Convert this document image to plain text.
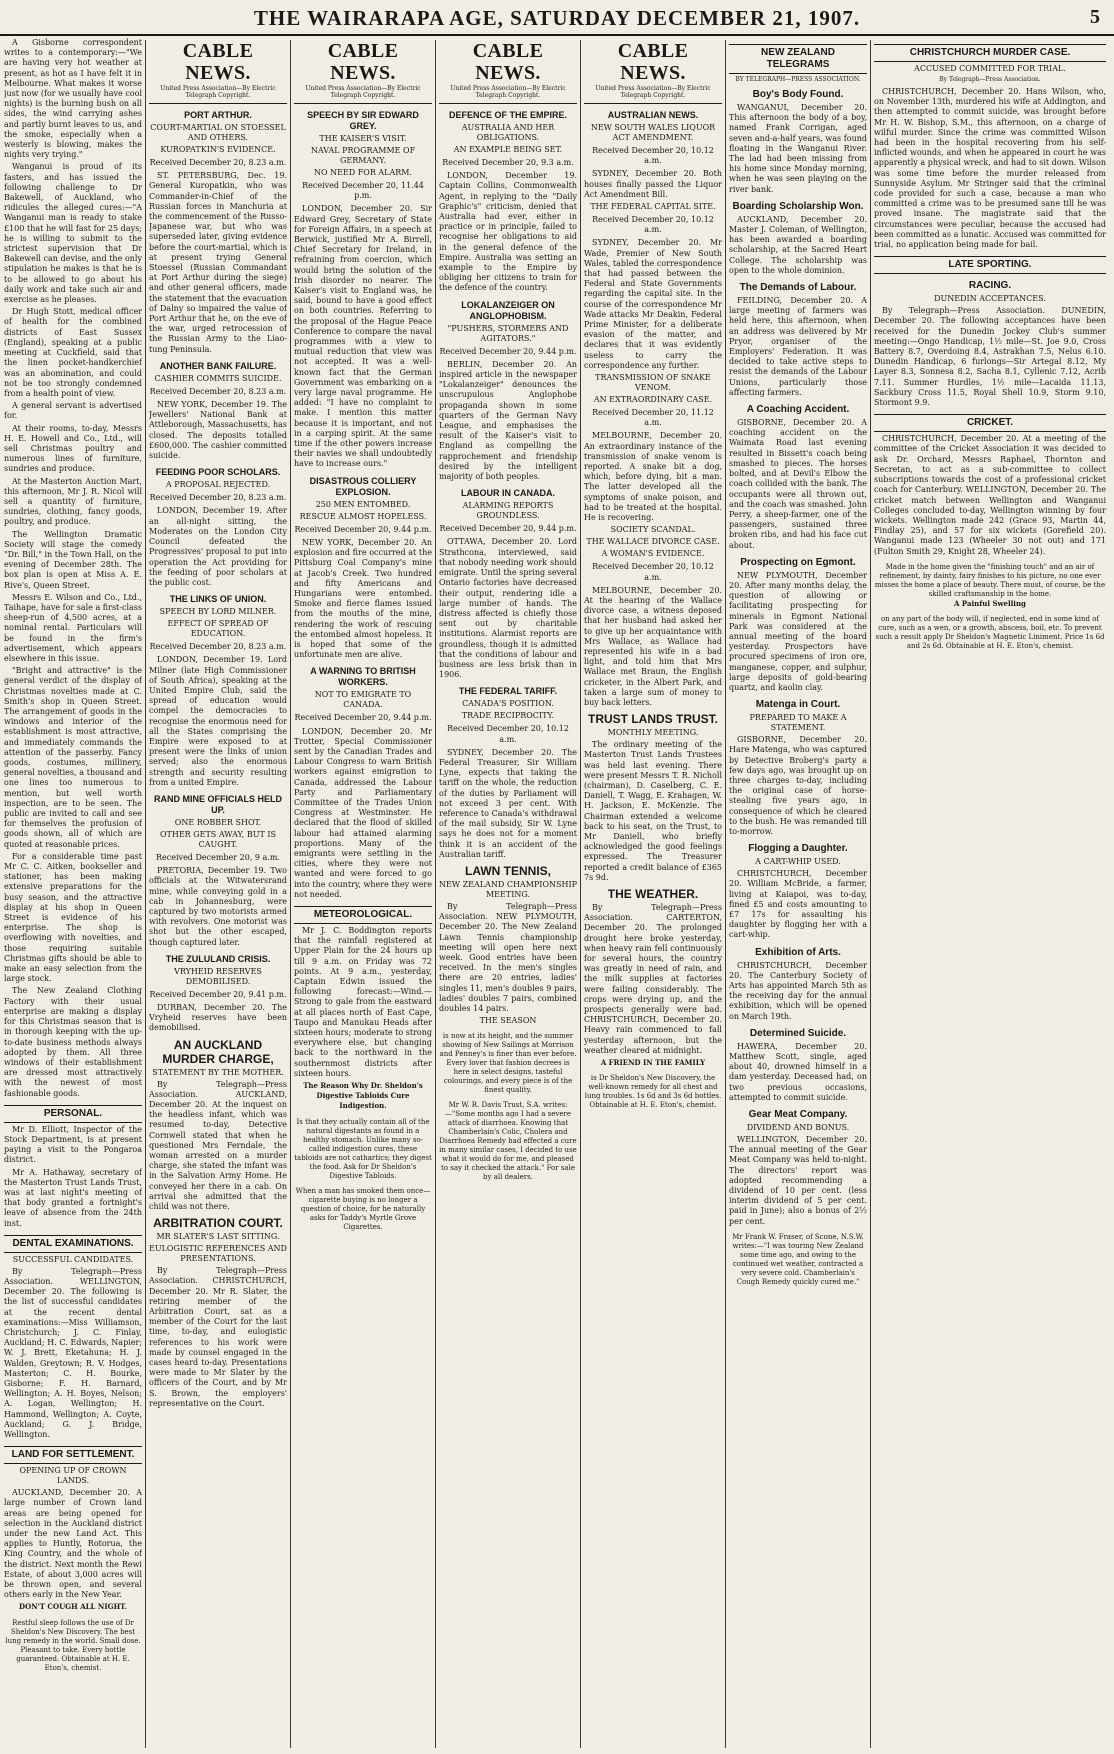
THE WAIRARAPA AGE, SATURDAY DECEMBER 21, 1907.	5

A Gisborne correspondent writes to a contemporary:—"We are having very hot weather at present, as hot as I have felt it in Melbourne. What makes it worse just now (for we usually have cool nights) is the burning bush on all sides, the wind carrying ashes and partly burnt leaves to us, and the smoke, especially when a westerly is blowing, makes the nights very trying."

Wanganui is proud of its fasters, and has issued the following challenge to Dr Bakewell, of Auckland, who ridicules the alleged cures:—"A Wanganui man is ready to stake £100 that he will fast for 25 days; he is willing to submit to the strictest supervision that Dr Bakewell can devise, and the only stipulation he makes is that he is to be allowed to go about his daily work and take such air and exercise as he pleases.

Dr Hugh Stott, medical officer of health for the combined districts of East Sussex (England), speaking at a public meeting at Cuckfield, said that the linen pocket-handkerchief was an abomination, and could not be too strongly condemned from a health point of view.

A general servant is advertised for.

At their rooms, to-day, Messrs H. E. Howell and Co., Ltd., will sell Christmas poultry and numerous lines of furniture, sundries and produce.

At the Masterton Auction Mart, this afternoon, Mr J. R. Nicol will sell a quantity of furniture, sundries, clothing, fancy goods, poultry, and produce.

The Wellington Dramatic Society will stage the comedy "Dr. Bill," in the Town Hall, on the evening of December 28th. The box plan is open at Miss A. E. Rive's, Queen Street.

Messrs E. Wilson and Co., Ltd., Taihape, have for sale a first-class sheep-run of 4,500 acres, at a nominal rental. Particulars will be found in the firm's advertisement, which appears elsewhere in this issue.

"Bright and attractive" is the general verdict of the display of Christmas novelties made at C. Smith's shop in Queen Street. The arrangement of goods in the windows and interior of the establishment is most attractive, and immediately commands the attention of the passerby. Fancy goods, costumes, millinery, general novelties, a thousand and one lines too numerous to mention, but well worth inspection, are to be seen. The public are invited to call and see for themselves the profusion of goods shown, all of which are quoted at reasonable prices.

For a considerable time past Mr C. C. Aitken, bookseller and stationer, has been making extensive preparations for the busy season, and the attractive display at his shop in Queen Street is evidence of his enterprise. The shop is overflowing with novelties, and those requiring suitable Christmas gifts should be able to make an easy selection from the large stock.

The New Zealand Clothing Factory with their usual enterprise are making a display for this Christmas season that is in thorough keeping with the up-to-date business methods always adopted by them. All three windows of their establishment are dressed most attractively with the newest of most fashionable goods.

PERSONAL.

Mr D. Elliott, Inspector of the Stock Department, is at present paying a visit to the Pongaroa district.

Mr A. Hathaway, secretary of the Masterton Trust Lands Trust, was at last night's meeting of that body granted a fortnight's leave of absence from the 24th inst.

DENTAL EXAMINATIONS.
SUCCESSFUL CANDIDATES.

By Telegraph—Press Association. WELLINGTON, December 20. The following is the list of successful candidates at the recent dental examinations:—Miss Williamson, Christchurch; J. C. Finlay, Auckland; H. C. Edwards, Napier; W. J. Brett, Eketahuna; H. J. Walden, Greytown; R. V. Hodges, Masterton; C. H. Bourke, Gisborne; F. H. Barnard, Wellington; A. H. Boyes, Nelson; A. Logan, Wellington; H. Hammond, Wellington; A. Coyte, Auckland; G. J. Bridge, Wellington.

LAND FOR SETTLEMENT.
OPENING UP OF CROWN LANDS.

AUCKLAND, December 20. A large number of Crown land areas are being opened for selection in the Auckland district under the new Land Act. This applies to Huntly, Rotorua, the King Country, and the whole of the district. Next month the Rewi Estate, of about 3,000 acres will be thrown open, and several others early in the New Year.

DON'T COUGH ALL NIGHT.
Restful sleep follows the use of Dr Sheldon's New Discovery. The best lung remedy in the world. Small dose. Pleasant to take. Every bottle guaranteed. Obtainable at H. E. Eton's, chemist.
CABLE NEWS.
United Press Association—By Electric Telegraph Copyright.
PORT ARTHUR.
COURT-MARTIAL ON STOESSEL AND OTHERS.
KUROPATKIN'S EVIDENCE.
Received December 20, 8.23 a.m.

ST. PETERSBURG, Dec. 19. General Kuropatkin, who was Commander-in-Chief of the Russian forces in Manchuria at the commencement of the Russo-Japanese war, but who was superseded later, giving evidence before the court-martial, which is at present trying General Stoessel (Russian Commandant at Port Arthur during the siege) and other general officers, made the statement that the evacuation of Dalny so impaired the value of Port Arthur that he, on the eve of the war, urged retrocession of the Russian Army to the Liao-tung Peninsula.

ANOTHER BANK FAILURE.
CASHIER COMMITS SUICIDE.
Received December 20, 8.23 a.m.

NEW YORK, December 19. The Jewellers' National Bank at Attleborough, Massachusetts, has closed. The deposits totalled £600,000. The cashier committed suicide.

FEEDING POOR SCHOLARS.
A PROPOSAL REJECTED.
Received December 20, 8.23 a.m.

LONDON, December 19. After an all-night sitting, the Moderates on the London City Council defeated the Progressives' proposal to put into operation the Act providing for the feeding of poor scholars at the public cost.

THE LINKS OF UNION.
SPEECH BY LORD MILNER.
EFFECT OF SPREAD OF EDUCATION.
Received December 20, 8.23 a.m.

LONDON, December 19. Lord Milner (late High Commissioner of South Africa), speaking at the United Empire Club, said the spread of education would compel the democracies to recognise the enormous need for all the States comprising the Empire were exposed to at present were the links of union served; also the enormous strength and security resulting from a united Empire.

RAND MINE OFFICIALS HELD UP.
ONE ROBBER SHOT.
OTHER GETS AWAY, BUT IS CAUGHT.
Received December 20, 9 a.m.

PRETORIA, December 19. Two officials at the Witwatersrand mine, while conveying gold in a cab in Johannesburg, were captured by two motorists armed with revolvers. One motorist was shot but the other escaped, though captured later.

THE ZULULAND CRISIS.
VRYHEID RESERVES DEMOBILISED.
Received December 20, 9.41 p.m.

DURBAN, December 20. The Vryheid reserves have been demobilised.

AN AUCKLAND MURDER CHARGE,
STATEMENT BY THE MOTHER.

By Telegraph—Press Association. AUCKLAND, December 20. At the inquest on the headless infant, which was resumed to-day, Detective Cornwell stated that when he questioned Mrs Ferndale, the woman arrested on a murder charge, she stated the infant was in the Salvation Army Home. He conveyed her there in a cab. On arrival she admitted that the child was not there.

ARBITRATION COURT.
MR SLATER'S LAST SITTING.
EULOGISTIC REFERENCES AND PRESENTATIONS.

By Telegraph—Press Association. CHRISTCHURCH, December 20. Mr R. Slater, the retiring member of the Arbitration Court, sat as a member of the Court for the last time, to-day, and eulogistic references to his work were made by counsel engaged in the cases heard to-day. Presentations were made to Mr Slater by the officers of the Court, and by Mr S. Brown, the employers' representative on the Court.

CABLE NEWS.
United Press Association—By Electric Telegraph Copyright.
SPEECH BY SIR EDWARD GREY.
THE KAISER'S VISIT.
NAVAL PROGRAMME OF GERMANY.
NO NEED FOR ALARM.
Received December 20, 11.44 p.m.

LONDON, December 20. Sir Edward Grey, Secretary of State for Foreign Affairs, in a speech at Berwick, justified Mr A. Birrell, Chief Secretary for Ireland, in refraining from coercion, which would bring the solution of the Irish disorder no nearer. The Kaiser's visit to England was, he said, bound to have a good effect on both countries. Referring to the proposal of the Hague Peace Conference to compare the naval programmes with a view to mutual reduction that view was not accepted. It was a well-known fact that the German Government was embarking on a very large naval programme. He added: "I have no complaint to make. I mention this matter because it is important, and not in a carping spirit. At the same time if the other powers increase their navies we shall undoubtedly have to increase ours."

DISASTROUS COLLIERY EXPLOSION.
250 MEN ENTOMBED.
RESCUE ALMOST HOPELESS.
Received December 20, 9.44 p.m.

NEW YORK, December 20. An explosion and fire occurred at the Pittsburg Coal Company's mine at Jacob's Creek. Two hundred and fifty Americans and Hungarians were entombed. Smoke and fierce flames issued from the mouths of the mine, rendering the work of rescuing the entombed almost hopeless. It is hoped that some of the unfortunate men are alive.

A WARNING TO BRITISH WORKERS.
NOT TO EMIGRATE TO CANADA.
Received December 20, 9.44 p.m.

LONDON, December 20. Mr Trotter, Special Commissioner sent by the Canadian Trades and Labour Congress to warn British workers against emigration to Canada, addressed the Labour Party and Parliamentary Committee of the Trades Union Congress at Westminster. He declared that the flood of skilled labour had attained alarming proportions. Many of the emigrants were settling in the cities, where they were not wanted and were forced to go into the country, where they were not needed.

METEOROLOGICAL.

Mr J. C. Boddington reports that the rainfall registered at Upper Plain for the 24 hours up till 9 a.m. on Friday was 72 points. At 9 a.m., yesterday, Captain Edwin issued the following forecast:—Wind.—Strong to gale from the eastward at all places north of East Cape, Taupo and Manukau Heads after sixteen hours; moderate to strong everywhere else, but changing back to the northward in the southernmost districts after sixteen hours.

The Reason Why Dr. Sheldon's Digestive Tabloids Cure Indigestion.
Is that they actually contain all of the natural digestants as found in a healthy stomach. Unlike many so-called indigestion cures, these tabloids are not cathartics; they digest the food. Ask for Dr Sheldon's Digestive Tabloids.
When a man has smoked them once—cigarette buying is no longer a question of choice, for he naturally asks for Taddy's Myrtle Grove Cigarettes.
CABLE NEWS.
United Press Association—By Electric Telegraph Copyright.
DEFENCE OF THE EMPIRE.
AUSTRALIA AND HER OBLIGATIONS.
AN EXAMPLE BEING SET.
Received December 20, 9.3 a.m.

LONDON, December 19. Captain Collins, Commonwealth Agent, in replying to the "Daily Graphic's" criticism, denied that Australia had ever, either in practice or in principle, failed to recognise her obligations to aid in the general defence of the Empire. Australia was setting an example to the Empire by obliging her citizens to train for the defence of the country.

LOKALANZEIGER ON ANGLOPHOBISM.
"PUSHERS, STORMERS AND AGITATORS."
Received December 20, 9.44 p.m.

BERLIN, December 20. An inspired article in the newspaper "Lokalanzeiger" denounces the unscrupulous Anglophobe propaganda shown in some quarters of the German Navy League, and emphasises the result of the Kaiser's visit to England as compelling the rapprochement and friendship desired by the intelligent majority of both peoples.

LABOUR IN CANADA.
ALARMING REPORTS GROUNDLESS.
Received December 20, 9.44 p.m.

OTTAWA, December 20. Lord Strathcona, interviewed, said that nobody needing work should emigrate. Until the spring several Ontario factories have decreased their output, rendering idle a large number of hands. The distress affected is chiefly those sent out by charitable institutions. Alarmist reports are groundless, though it is admitted that the conditions of labour and business are less brisk than in 1906.

THE FEDERAL TARIFF.
CANADA'S POSITION.
TRADE RECIPROCITY.
Received December 20, 10.12 a.m.

SYDNEY, December 20. The Federal Treasurer, Sir William Lyne, expects that taking the tariff on the whole, the reduction of the duties by Parliament will not exceed 3 per cent. With reference to Canada's withdrawal of the mail subsidy, Sir W. Lyne says he does not for a moment think it is an accident of the Australian tariff.

LAWN TENNIS,
NEW ZEALAND CHAMPIONSHIP MEETING.

By Telegraph—Press Association. NEW PLYMOUTH, December 20. The New Zealand Lawn Tennis championship meeting will open here next week. Good entries have been received. In the men's singles there are 20 entries, ladies' singles 11, men's doubles 9 pairs, ladies' doubles 7 pairs, combined doubles 14 pairs.

THE SEASON
is now at its height, and the summer showing of New Sailings at Morrison and Penney's is finer than ever before. Every lover that fashion decrees is here in select designs, tasteful colourings, and every piece is of the finest quality.
Mr W. R. Davis Trust, S.A. writes:—"Some months ago I had a severe attack of diarrhoea. Knowing that Chamberlain's Colic, Cholera and Diarrhoea Remedy had effected a cure in many similar cases, I decided to use what it would do for me, and pleased to say it checked the attack." For sale by all dealers.
CABLE NEWS.
United Press Association—By Electric Telegraph Copyright.
AUSTRALIAN NEWS.
NEW SOUTH WALES LIQUOR ACT AMENDMENT.
Received December 20, 10.12 a.m.

SYDNEY, December 20. Both houses finally passed the Liquor Act Amendment Bill.

THE FEDERAL CAPITAL SITE.
Received December 20, 10.12 a.m.

SYDNEY, December 20. Mr Wade, Premier of New South Wales, tabled the correspondence that had passed between the Federal and State Governments regarding the capital site. In the course of the correspondence Mr Wade attacks Mr Deakin, Federal Prime Minister, for a deliberate evasion of the matter, and declares that it was evidently useless to carry the correspondence any further.

TRANSMISSION OF SNAKE VENOM.
AN EXTRAORDINARY CASE.
Received December 20, 11.12 a.m.

MELBOURNE, December 20. An extraordinary instance of the transmission of snake venom is reported. A snake bit a dog, which, before dying, bit a man. The latter developed all the symptoms of snake poison, and had to be treated at the hospital. He is recovering.

SOCIETY SCANDAL.
THE WALLACE DIVORCE CASE.
A WOMAN'S EVIDENCE.
Received December 20, 10.12 a.m.

MELBOURNE, December 20. At the hearing of the Wallace divorce case, a witness deposed that her husband had asked her to give up her acquaintance with Mrs Wallace, as Wallace had represented his wife in a bad light, and told him that Mrs Wallace met Braun, the English cricketer, in the Albert Park, and taken a large sum of money to buy back letters.

TRUST LANDS TRUST.
MONTHLY MEETING.

The ordinary meeting of the Masterton Trust Lands Trustees was held last evening. There were present Messrs T. R. Nicholl (chairman), D. Caselberg, C. E. Daniell, T. Wagg, E. Krahagen, W. H. Jackson, E. McKenzie. The Chairman extended a welcome back to his seat, on the Trust, to Mr Daniell, who briefly acknowledged the good feelings expressed. The Treasurer reported a credit balance of £365 7s 9d.

THE WEATHER.

By Telegraph—Press Association. CARTERTON, December 20. The prolonged drought here broke yesterday, when heavy rain fell continuously for several hours, the country was greatly in need of rain, and the milk supplies at factories were failing considerably. The crops were drying up, and the prospects generally were bad. CHRISTCHURCH, December 20. Heavy rain commenced to fall yesterday afternoon, but the weather cleared at midnight.

A FRIEND IN THE FAMILY
is Dr Sheldon's New Discovery, the well-known remedy for all chest and lung troubles. 1s 6d and 3s 6d bottles. Obtainable at H. E. Eton's, chemist.
NEW ZEALAND TELEGRAMS
BY TELEGRAPH—PRESS ASSOCIATION.
Boy's Body Found.

WANGANUI, December 20. This afternoon the body of a boy, named Frank Corrigan, aged seven and-a-half years, was found floating in the Wanganui River. The lad had been missing from his home since Monday morning, when he was seen playing on the river bank.

Boarding Scholarship Won.

AUCKLAND, December 20. Master J. Coleman, of Wellington, has been awarded a boarding scholarship, at the Sacred Heart College. The scholarship was open to the whole dominion.

The Demands of Labour.

FEILDING, December 20. A large meeting of farmers was held here, this afternoon, when an address was delivered by Mr Pryor, organiser of the Employers' Federation. It was decided to take active steps to resist the demands of the Labour Unions, particularly those affecting farmers.

A Coaching Accident.

GISBORNE, December 20. A coaching accident on the Waimata Road last evening resulted in Bissett's coach being smashed to pieces. The horses bolted, and at Devil's Elbow the coach collided with the bank. The occupants were all thrown out, and the coach was smashed. John Perry, a sheep-farmer, one of the passengers, sustained three broken ribs, and had his face cut about.

Prospecting on Egmont.

NEW PLYMOUTH, December 20. After many months delay, the question of allowing or facilitating prospecting for minerals in Egmont National Park was considered at the annual meeting of the board yesterday. Prospectors have procured specimens of iron ore, manganese, copper, and sulphur, large deposits of gold-bearing quartz, and kaolin clay.

Matenga in Court.
PREPARED TO MAKE A STATEMENT.

GISBORNE, December 20. Hare Matenga, who was captured by Detective Broberg's party a few days ago, was brought up on three charges to-day, including the original case of horse-stealing five years ago, in consequence of which he cleared to the bush. He was remanded till to-morrow.

Flogging a Daughter.
A CART-WHIP USED.

CHRISTCHURCH, December 20. William McBride, a farmer, living at Kaiapoi, was to-day, fined £5 and costs amounting to £7 17s for assaulting his daughter by flogging her with a cart-whip.

Exhibition of Arts.

CHRISTCHURCH, December 20. The Canterbury Society of Arts has appointed March 5th as the receiving day for the annual exhibition, which will be opened on March 19th.

Determined Suicide.

HAWERA, December 20. Matthew Scott, single, aged about 40, drowned himself in a dam yesterday. Deceased had, on two previous occasions, attempted to commit suicide.

Gear Meat Company.
DIVIDEND AND BONUS.

WELLINGTON, December 20. The annual meeting of the Gear Meat Company was held to-night. The directors' report was adopted recommending a dividend of 10 per cent. (less interim dividend of 5 per cent. paid in June); also a bonus of 2½ per cent.

Mr Frank W. Fraser, of Scone, N.S.W. writes:—"I was touring New Zealand some time ago, and owing to the continued wet weather, contracted a very severe cold. Chamberlain's Cough Remedy quickly cured me."
CHRISTCHURCH MURDER CASE.
ACCUSED COMMITTED FOR TRIAL.
By Telegraph—Press Association.

CHRISTCHURCH, December 20. Hans Wilson, who, on November 13th, murdered his wife at Addington, and then attempted to commit suicide, was brought before Mr H. W. Bishop, S.M., this afternoon, on a charge of wilful murder. Since the crime was committed Wilson had been in the hospital recovering from his self-inflicted wounds, and when he appeared in court he was apparently a physical wreck, and had to sit down. Wilson was some time before the murder released from Sunnyside Asylum. Mr Stringer said that the criminal code provided for such a case, because a man who committed a crime was to be presumed sane till he was proved insane. The magistrate said that the circumstances were peculiar, because the accused had been committed as a lunatic. Accused was committed for trial, no application being made for bail.

LATE SPORTING.
RACING.
DUNEDIN ACCEPTANCES.

By Telegraph—Press Association. DUNEDIN, December 20. The following acceptances have been received for the Dunedin Jockey Club's summer meeting:—Ongo Handicap, 1½ mile—St. Joe 9.0, Cross Battery 8.7, Overdoing 8.4, Astrakhan 7.5, Nelus 6.10. Dunedin Handicap, 6 furlongs—Sir Artegal 8.12, My Layer 8.3, Sonnesa 8.2, Sacha 8.1, Cyllenic 7.12, Acrib 7.11. Summer Hurdles, 1½ mile—Lacaida 11.13, Sackbury Cross 11.5, Royal Shell 10.9, Storm 9.10, Stormont 9.9.

CRICKET.

CHRISTCHURCH, December 20. At a meeting of the committee of the Cricket Association it was decided to ask Dr. Orchard, Messrs Raphael, Thornton and Secretan, to act as a sub-committee to collect subscriptions towards the cost of a professional cricket coach for Canterbury. WELLINGTON, December 20. The cricket match between Wellington and Wanganui Colleges concluded to-day, Wellington winning by four wickets. Wellington made 242 (Grace 93, Martin 44, Findlay 25), and 57 for six wickets (Gorefield 20). Wanganui made 123 (Wheeler 30 not out) and 171 (Fulton Smith 29, Knight 28, Wheeler 24).

Made in the home given the "finishing touch" and an air of refinement, by dainty, fairy finishes to his picture, no one ever misses the home a place of beauty. There must, of course, be the skilled craftsmanship in the home.
A Painful Swelling
on any part of the body will, if neglected, end in some kind of cure, such as a wen, or a growth, abscess, boil, etc. To prevent such a result apply Dr Sheldon's Magnetic Liniment. Price 1s 6d and 2s 6d. Obtainable at H. E. Eton's, chemist.
